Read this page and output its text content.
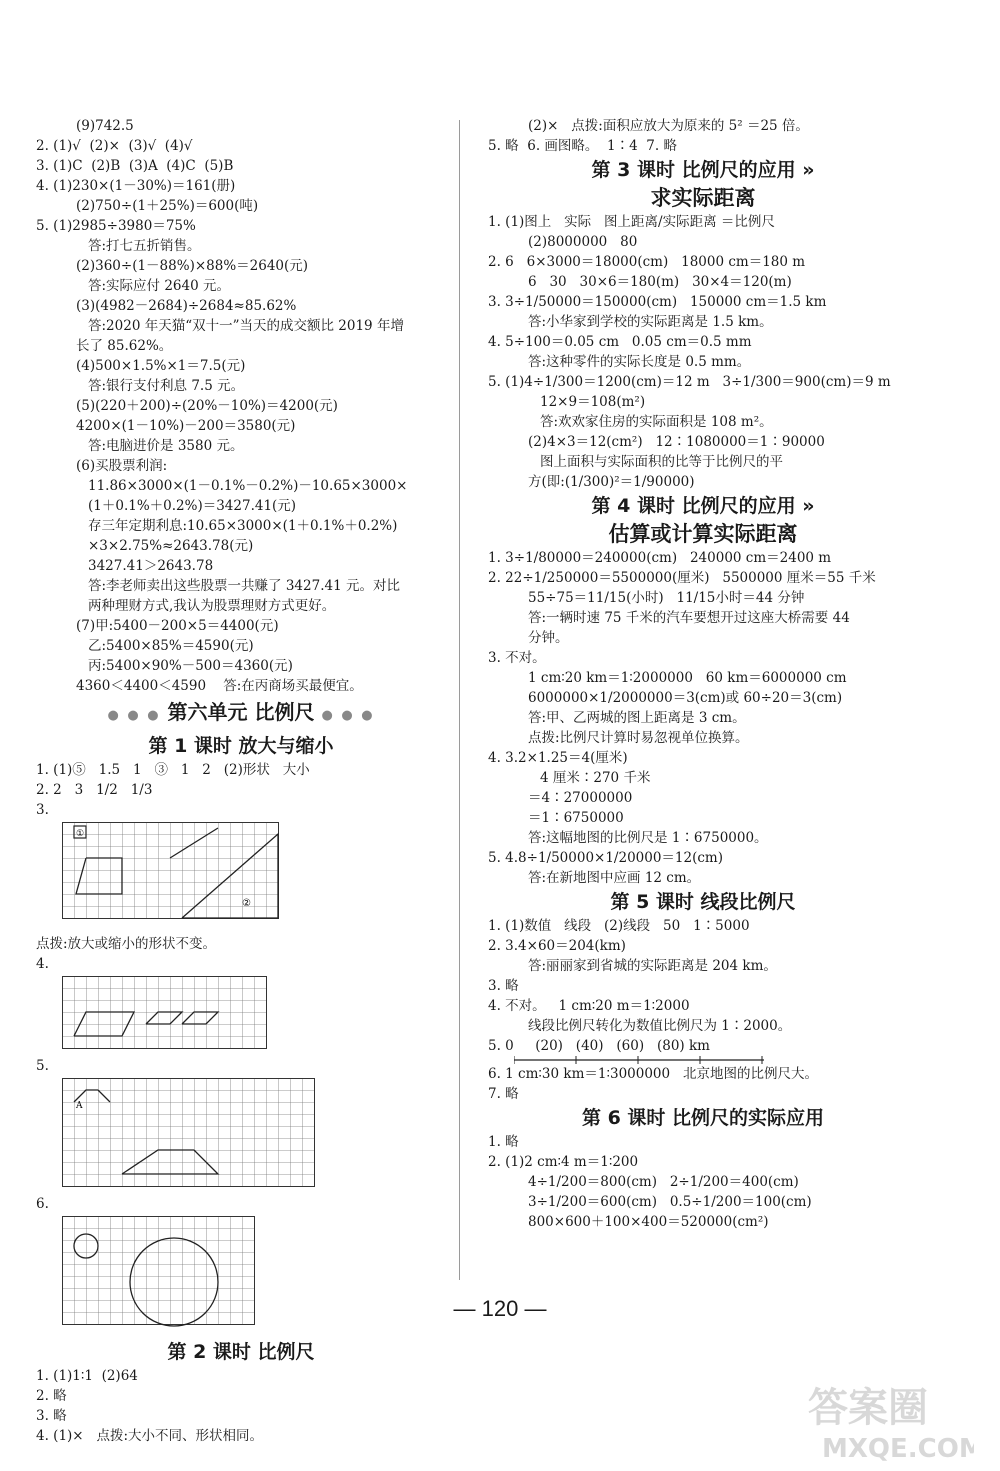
(9)742.5
2. (1)√  (2)×  (3)√  (4)√
3. (1)C  (2)B  (3)A  (4)C  (5)B
4. (1)230×(1－30%)＝161(册)
(2)750÷(1＋25%)＝600(吨)
5. (1)2985÷3980＝75%
答:打七五折销售。
(2)360÷(1－88%)×88%＝2640(元)
答:实际应付 2640 元。
(3)(4982－2684)÷2684≈85.62%
答:2020 年天猫“双十一”当天的成交额比 2019 年增
长了 85.62%。
(4)500×1.5%×1＝7.5(元)
答:银行支付利息 7.5 元。
(5)(220＋200)÷(20%－10%)＝4200(元)
4200×(1－10%)－200＝3580(元)
答:电脑进价是 3580 元。
(6)买股票利润:
11.86×3000×(1－0.1%－0.2%)－10.65×3000×
(1＋0.1%＋0.2%)＝3427.41(元)
存三年定期利息:10.65×3000×(1＋0.1%＋0.2%)
×3×2.75%≈2643.78(元)
3427.41＞2643.78
答:李老师卖出这些股票一共赚了 3427.41 元。对比
两种理财方式,我认为股票理财方式更好。
(7)甲:5400－200×5＝4400(元)
乙:5400×85%＝4590(元)
丙:5400×90%－500＝4360(元)
4360＜4400＜4590    答:在丙商场买最便宜。
● ● ● 第六单元 比例尺 ● ● ●
第 1 课时 放大与缩小
1. (1)⑤   1.5   1   ③   1   2   (2)形状   大小
2. 2   3   1/2   1/3
3.
①
②
点拨:放大或缩小的形状不变。
4.
5.
A
6.
第 2 课时 比例尺
1. (1)1∶1  (2)64
2. 略
3. 略
4. (1)×   点拨:大小不同、形状相同。
(2)×   点拨:面积应放大为原来的 5² ＝25 倍。
5. 略  6. 画图略。  1∶4  7. 略
第 3 课时 比例尺的应用 »
求实际距离
1. (1)图上   实际   图上距离/实际距离 ＝比例尺
(2)8000000   80
2. 6   6×3000＝18000(cm)   18000 cm＝180 m
6   30   30×6＝180(m)   30×4＝120(m)
3. 3÷1/50000＝150000(cm)   150000 cm＝1.5 km
答:小华家到学校的实际距离是 1.5 km。
4. 5÷100＝0.05 cm   0.05 cm＝0.5 mm
答:这种零件的实际长度是 0.5 mm。
5. (1)4÷1/300＝1200(cm)＝12 m   3÷1/300＝900(cm)＝9 m
12×9＝108(m²)
答:欢欢家住房的实际面积是 108 m²。
(2)4×3＝12(cm²)   12∶1080000＝1∶90000
图上面积与实际面积的比等于比例尺的平
方(即:(1/300)²＝1/90000)
第 4 课时 比例尺的应用 »
估算或计算实际距离
1. 3÷1/80000＝240000(cm)   240000 cm＝2400 m
2. 22÷1/250000＝5500000(厘米)   5500000 厘米＝55 千米
55÷75＝11/15(小时)   11/15小时＝44 分钟
答:一辆时速 75 千米的汽车要想开过这座大桥需要 44
分钟。
3. 不对。
1 cm∶20 km＝1∶2000000   60 km＝6000000 cm
6000000×1/2000000＝3(cm)或 60÷20＝3(cm)
答:甲、乙两城的图上距离是 3 cm。
点拨:比例尺计算时易忽视单位换算。
4. 3.2×1.25＝4(厘米)
4 厘米∶270 千米
＝4∶27000000
＝1∶6750000
答:这幅地图的比例尺是 1∶6750000。
5. 4.8÷1/50000×1/20000＝12(cm)
答:在新地图中应画 12 cm。
第 5 课时 线段比例尺
1. (1)数值   线段   (2)线段   50   1∶5000
2. 3.4×60＝204(km)
答:丽丽家到省城的实际距离是 204 km。
3. 略
4. 不对。   1 cm∶20 m＝1∶2000
线段比例尺转化为数值比例尺为 1∶2000。
5. 0     (20)   (40)   (60)   (80) km
6. 1 cm∶30 km＝1∶3000000   北京地图的比例尺大。
7. 略
第 6 课时 比例尺的实际应用
1. 略
2. (1)2 cm∶4 m＝1∶200
4÷1/200＝800(cm)   2÷1/200＝400(cm)
3÷1/200＝600(cm)   0.5÷1/200＝100(cm)
800×600＋100×400＝520000(cm²)
— 120 —
答案圈
MXQE.COM
